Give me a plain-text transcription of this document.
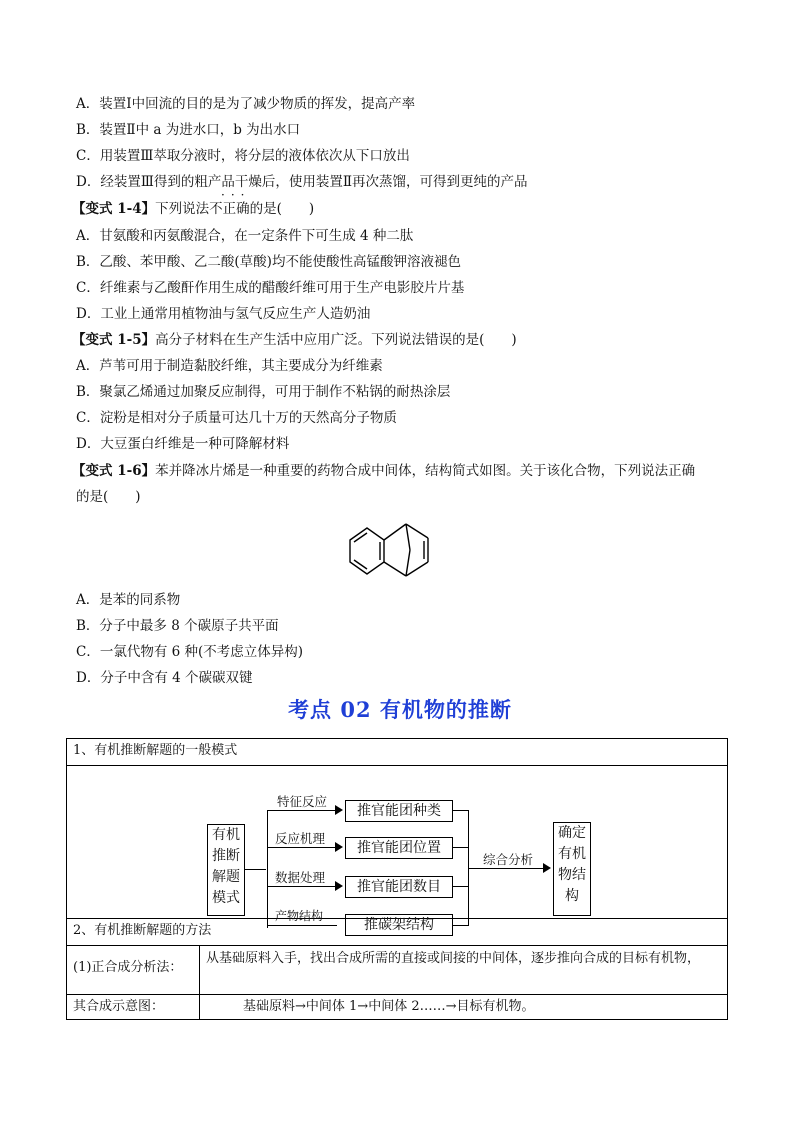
A．装置Ⅰ中回流的目的是为了减少物质的挥发，提高产率
B．装置Ⅱ中 a 为进水口，b 为出水口
C．用装置Ⅲ萃取分液时，将分层的液体依次从下口放出
D．经装置Ⅲ得到的粗产品干燥后，使用装置Ⅱ再次蒸馏，可得到更纯的产品
【变式 1-4】下列说法不正确的是(　　)
···
A．甘氨酸和丙氨酸混合，在一定条件下可生成 4 种二肽
B．乙酸、苯甲酸、乙二酸(草酸)均不能使酸性高锰酸钾溶液褪色
C．纤维素与乙酸酐作用生成的醋酸纤维可用于生产电影胶片片基
D．工业上通常用植物油与氢气反应生产人造奶油
【变式 1-5】高分子材料在生产生活中应用广泛。下列说法错误的是(　　)
A．芦苇可用于制造黏胶纤维，其主要成分为纤维素
B．聚氯乙烯通过加聚反应制得，可用于制作不粘锅的耐热涂层
C．淀粉是相对分子质量可达几十万的天然高分子物质
D．大豆蛋白纤维是一种可降解材料
【变式 1-6】苯并降冰片烯是一种重要的药物合成中间体，结构简式如图。关于该化合物，下列说法正确
的是(　　)
A．是苯的同系物
B．分子中最多 8 个碳原子共平面
C．一氯代物有 6 种(不考虑立体异构)
D．分子中含有 4 个碳碳双键
考点 02 有机物的推断
1、有机推断解题的一般模式
有机
推断
解题
模式
特征反应
反应机理
数据处理
产物结构
推官能团种类
推官能团位置
推官能团数目
推碳架结构
综合分析
确定
有机
物结
构
2、有机推断解题的方法
(1)正合成分析法：
从基础原料入手，找出合成所需的直接或间接的中间体，逐步推向合成的目标有机物，
其合成示意图：	基础原料→中间体 1→中间体 2……→目标有机物。
